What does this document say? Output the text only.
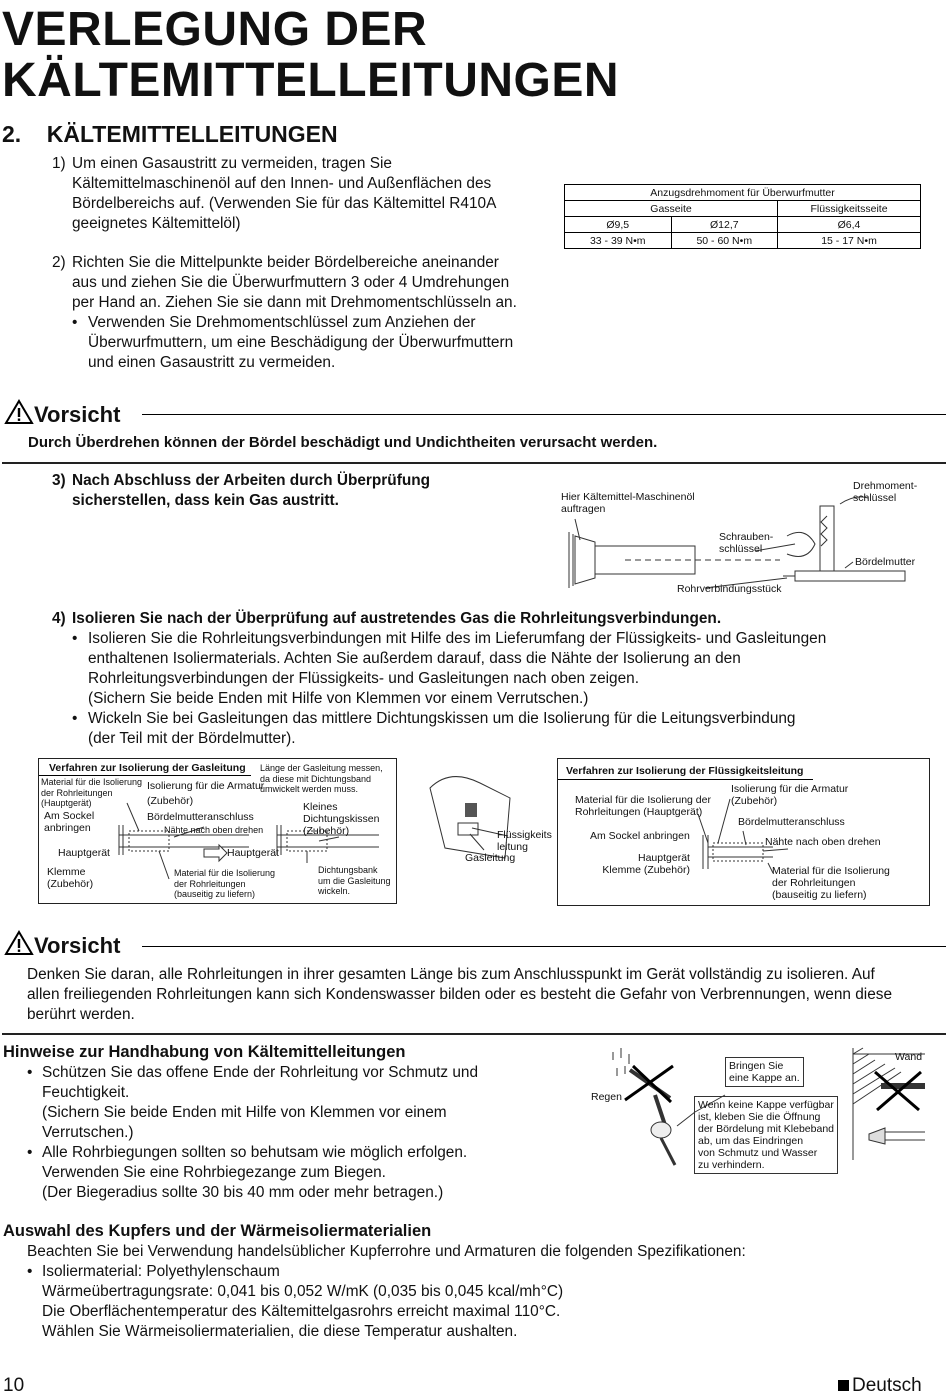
VERLEGUNG DER
KÄLTEMITTELLEITUNGEN
2. KÄLTEMITTELLEITUNGEN
1) Um einen Gasaustritt zu vermeiden, tragen Sie
Kältemittelmaschinenöl auf den Innen- und Außenflächen des
Bördelbereichs auf. (Verwenden Sie für das Kältemittel R410A
geeignetes Kältemittelöl)
2) Richten Sie die Mittelpunkte beider Bördelbereiche aneinander
aus und ziehen Sie die Überwurfmuttern 3 oder 4 Umdrehungen
per Hand an. Ziehen Sie sie dann mit Drehmomentschlüsseln an.
• Verwenden Sie Drehmomentschlüssel zum Anziehen der
Überwurfmuttern, um eine Beschädigung der Überwurfmuttern
und einen Gasaustritt zu vermeiden.
Anzugsdrehmoment für Überwurfmutter		
Gasseite		Flüssigkeitsseite
Ø9,5	Ø12,7	Ø6,4
33 - 39 N•m	50 - 60 N•m	15 - 17 N•m
Vorsicht
Durch Überdrehen können der Bördel beschädigt und Undichtheiten verursacht werden.
3) Nach Abschluss der Arbeiten durch Überprüfung
sicherstellen, dass kein Gas austritt.	Hier Kältemittel-Maschinenöl
auftragen
Drehmoment-
schlüssel
Schrauben-
schlüssel
Bördelmutter
Rohrverbindungsstück
4) Isolieren Sie nach der Überprüfung auf austretendes Gas die Rohrleitungsverbindungen.
• Isolieren Sie die Rohrleitungsverbindungen mit Hilfe des im Lieferumfang der Flüssigkeits- und Gasleitungen
enthaltenen Isoliermaterials. Achten Sie außerdem darauf, dass die Nähte der Isolierung an den
Rohrleitungsverbindungen der Flüssigkeits- und Gasleitungen nach oben zeigen.
(Sichern Sie beide Enden mit Hilfe von Klemmen vor einem Verrutschen.)
• Wickeln Sie bei Gasleitungen das mittlere Dichtungskissen um die Isolierung für die Leitungsverbindung
(der Teil mit der Bördelmutter).
Verfahren zur Isolierung der Gasleitung
Material für die Isolierung
der Rohrleitungen
(Hauptgerät)
Isolierung für die Armatur
(Zubehör)
Am Sockel
anbringen
Bördelmutteranschluss
Nähte nach oben drehen
Hauptgerät	Hauptgerät
Klemme
(Zubehör)
Material für die Isolierung
der Rohrleitungen
(bauseitig zu liefern)
Länge der Gasleitung messen,
da diese mit Dichtungsband
umwickelt werden muss.
Kleines
Dichtungskissen
(Zubehör)
Dichtungsbank
um die Gasleitung
wickeln.
Flüssigkeits
leitung
Gasleitung
Verfahren zur Isolierung der Flüssigkeitsleitung
Material für die Isolierung der
Rohrleitungen (Hauptgerät)
Isolierung für die Armatur
(Zubehör)
Bördelmutteranschluss
Am Sockel anbringen	Nähte nach oben drehen
Hauptgerät
Klemme (Zubehör)	Material für die Isolierung
der Rohrleitungen
(bauseitig zu liefern)
Vorsicht
Denken Sie daran, alle Rohrleitungen in ihrer gesamten Länge bis zum Anschlusspunkt im Gerät vollständig zu isolieren. Auf
allen freiliegenden Rohrleitungen kann sich Kondenswasser bilden oder es besteht die Gefahr von Verbrennungen, wenn diese
berührt werden.
Hinweise zur Handhabung von Kältemittelleitungen
• Schützen Sie das offene Ende der Rohrleitung vor Schmutz und
Feuchtigkeit.
(Sichern Sie beide Enden mit Hilfe von Klemmen vor einem
Verrutschen.)
• Alle Rohrbiegungen sollten so behutsam wie möglich erfolgen.
Verwenden Sie eine Rohrbiegezange zum Biegen.
(Der Biegeradius sollte 30 bis 40 mm oder mehr betragen.)
Regen
Wand
Bringen Sie
eine Kappe an.
Wenn keine Kappe verfügbar
ist, kleben Sie die Öffnung
der Bördelung mit Klebeband
ab, um das Eindringen
von Schmutz und Wasser
zu verhindern.
Auswahl des Kupfers und der Wärmeisoliermaterialien
Beachten Sie bei Verwendung handelsüblicher Kupferrohre und Armaturen die folgenden Spezifikationen:
• Isoliermaterial: Polyethylenschaum
Wärmeübertragungsrate: 0,041 bis 0,052 W/mK (0,035 bis 0,045 kcal/mh°C)
Die Oberflächentemperatur des Kältemittelgasrohrs erreicht maximal 110°C.
Wählen Sie Wärmeisoliermaterialien, die diese Temperatur aushalten.
10	Deutsch
